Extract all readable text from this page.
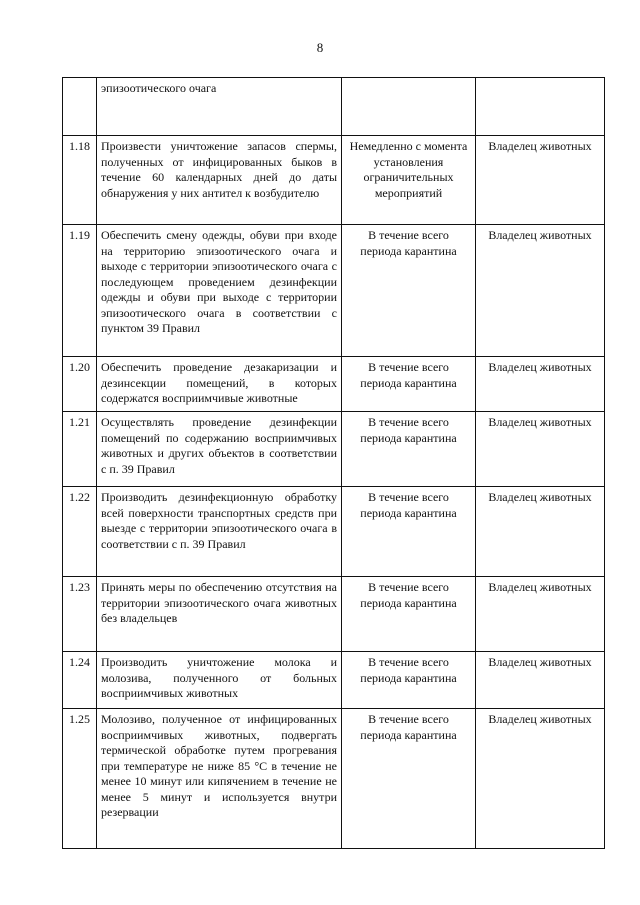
8
	эпизоотического очага		
1.18	Произвести уничтожение запасов спермы, полученных от инфицированных быков в течение 60 календарных дней до даты обнаружения у них антител к возбудителю	Немедленно с момента установления ограничительных мероприятий	Владелец животных
1.19	Обеспечить смену одежды, обуви при входе на территорию эпизоотического очага и выходе с территории эпизоотического очага с последующем проведением дезинфекции одежды и обуви при выходе с территории эпизоотического очага в соответствии с пунктом 39 Правил	В течение всего периода карантина	Владелец животных
1.20	Обеспечить проведение дезакаризации и дезинсекции помещений, в которых содержатся восприимчивые животные	В течение всего периода карантина	Владелец животных
1.21	Осуществлять проведение дезинфекции помещений по содержанию восприимчивых животных и других объектов в соответствии с п. 39 Правил	В течение всего периода карантина	Владелец животных
1.22	Производить дезинфекционную обработку всей поверхности транспортных средств при выезде с территории эпизоотического очага в соответствии с п. 39 Правил	В течение всего периода карантина	Владелец животных
1.23	Принять меры по обеспечению отсутствия на территории эпизоотического очага животных без владельцев	В течение всего периода карантина	Владелец животных
1.24	Производить уничтожение молока и молозива, полученного от больных восприимчивых животных	В течение всего периода карантина	Владелец животных
1.25	Молозиво, полученное от инфицированных восприимчивых животных, подвергать термической обработке путем прогревания при температуре не ниже 85 °С в течение не менее 10 минут или кипячением в течение не менее 5 минут и используется внутри резервации	В течение всего периода карантина	Владелец животных
